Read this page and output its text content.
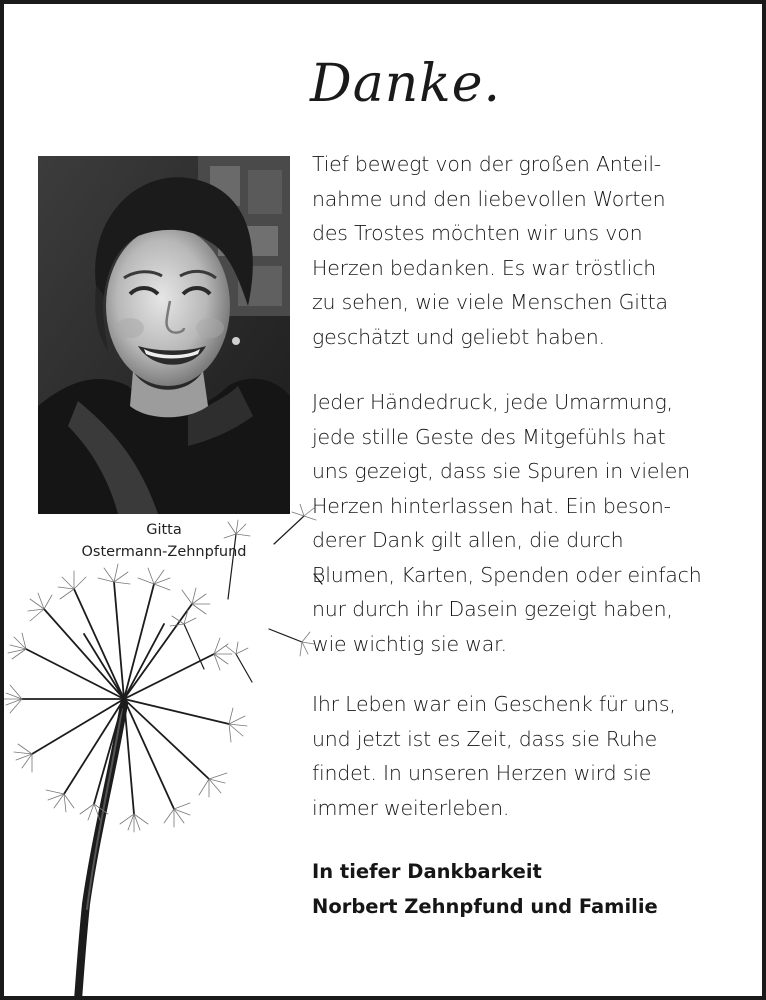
Danke.
Gitta
Ostermann-Zehnpfund
Tief bewegt von der großen Anteil-
nahme und den liebevollen Worten
des Trostes möchten wir uns von
Herzen bedanken. Es war tröstlich
zu sehen, wie viele Menschen Gitta
geschätzt und geliebt haben.
Jeder Händedruck, jede Umarmung,
jede stille Geste des Mitgefühls hat
uns gezeigt, dass sie Spuren in vielen
Herzen hinterlassen hat. Ein beson-
derer Dank gilt allen, die durch
Blumen, Karten, Spenden oder einfach
nur durch ihr Dasein gezeigt haben,
wie wichtig sie war.
Ihr Leben war ein Geschenk für uns,
und jetzt ist es Zeit, dass sie Ruhe
findet. In unseren Herzen wird sie
immer weiterleben.
In tiefer Dankbarkeit
Norbert Zehnpfund und Familie
